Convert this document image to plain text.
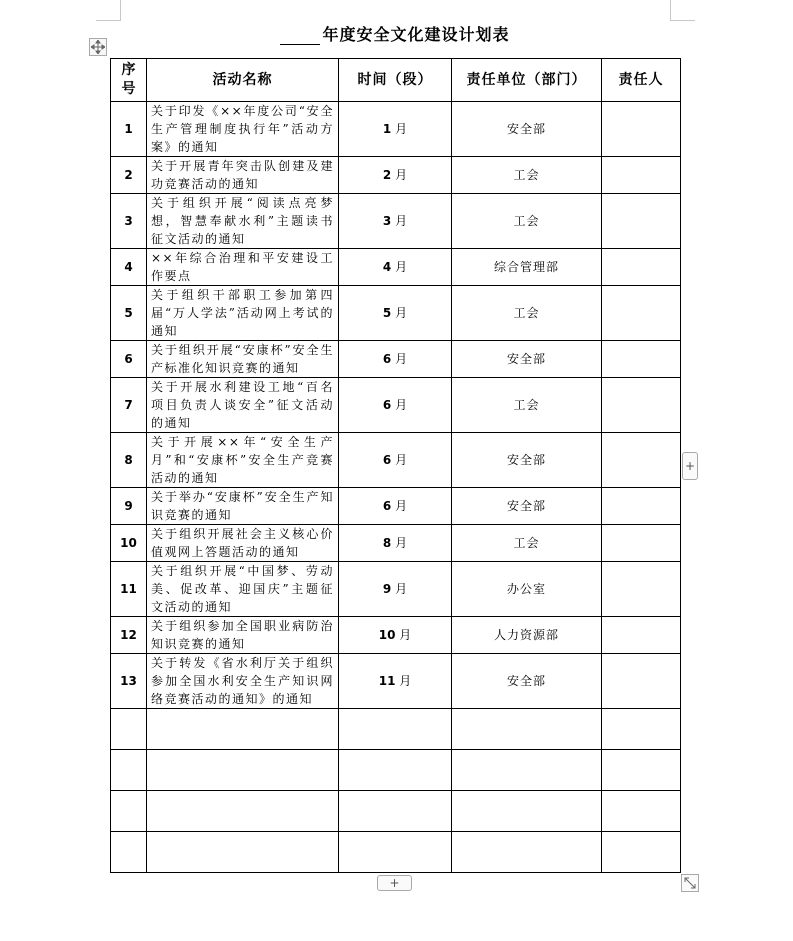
年度安全文化建设计划表
序号	活动名称	时间（段）	责任单位（部门）	责任人
1	关于印发《××年度公司“安全生产管理制度执行年”活动方案》的通知	1 月	安全部	
2	关于开展青年突击队创建及建功竞赛活动的通知	2 月	工会	
3	关于组织开展“阅读点亮梦想，智慧奉献水利”主题读书征文活动的通知	3 月	工会	
4	××年综合治理和平安建设工作要点	4 月	综合管理部	
5	关于组织干部职工参加第四届“万人学法”活动网上考试的通知	5 月	工会	
6	关于组织开展“安康杯”安全生产标准化知识竞赛的通知	6 月	安全部	
7	关于开展水利建设工地“百名项目负责人谈安全”征文活动的通知	6 月	工会	
8	关于开展××年“安全生产月”和“安康杯”安全生产竞赛活动的通知	6 月	安全部	
9	关于举办“安康杯”安全生产知识竞赛的通知	6 月	安全部	
10	关于组织开展社会主义核心价值观网上答题活动的通知	8 月	工会	
11	关于组织开展“中国梦、劳动美、促改革、迎国庆”主题征文活动的通知	9 月	办公室	
12	关于组织参加全国职业病防治知识竞赛的通知	10 月	人力资源部	
13	关于转发《省水利厅关于组织参加全国水利安全生产知识网络竞赛活动的通知》的通知	11 月	安全部	

+
+
